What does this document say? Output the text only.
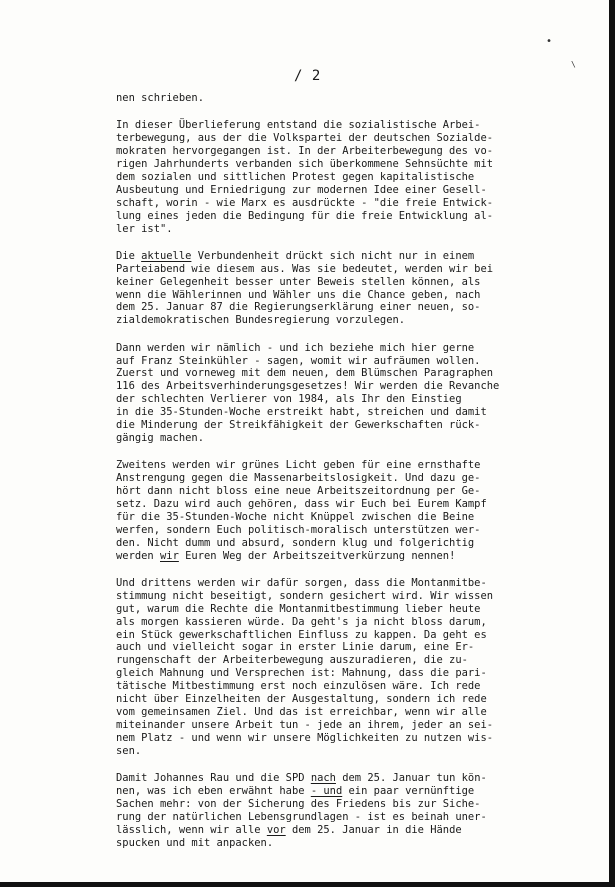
•
\
/ 2

nen schrieben.

In dieser Überlieferung entstand die sozialistische Arbei-
terbewegung, aus der die Volkspartei der deutschen Sozialde-
mokraten hervorgegangen ist. In der Arbeiterbewegung des vo-
rigen Jahrhunderts verbanden sich überkommene Sehnsüchte mit
dem sozialen und sittlichen Protest gegen kapitalistische
Ausbeutung und Erniedrigung zur modernen Idee einer Gesell-
schaft, worin - wie Marx es ausdrückte - "die freie Entwick-
lung eines jeden die Bedingung für die freie Entwicklung al-
ler ist".

Die aktuelle Verbundenheit drückt sich nicht nur in einem
Parteiabend wie diesem aus. Was sie bedeutet, werden wir bei
keiner Gelegenheit besser unter Beweis stellen können, als
wenn die Wählerinnen und Wähler uns die Chance geben, nach
dem 25. Januar 87 die Regierungserklärung einer neuen, so-
zialdemokratischen Bundesregierung vorzulegen.

Dann werden wir nämlich - und ich beziehe mich hier gerne
auf Franz Steinkühler - sagen, womit wir aufräumen wollen.
Zuerst und vorneweg mit dem neuen, dem Blümschen Paragraphen
116 des Arbeitsverhinderungsgesetzes! Wir werden die Revanche
der schlechten Verlierer von 1984, als Ihr den Einstieg
in die 35-Stunden-Woche erstreikt habt, streichen und damit
die Minderung der Streikfähigkeit der Gewerkschaften rück-
gängig machen.

Zweitens werden wir grünes Licht geben für eine ernsthafte
Anstrengung gegen die Massenarbeitslosigkeit. Und dazu ge-
hört dann nicht bloss eine neue Arbeitszeitordnung per Ge-
setz. Dazu wird auch gehören, dass wir Euch bei Eurem Kampf
für die 35-Stunden-Woche nicht Knüppel zwischen die Beine
werfen, sondern Euch politisch-moralisch unterstützen wer-
den. Nicht dumm und absurd, sondern klug und folgerichtig
werden wir Euren Weg der Arbeitszeitverkürzung nennen!

Und drittens werden wir dafür sorgen, dass die Montanmitbe-
stimmung nicht beseitigt, sondern gesichert wird. Wir wissen
gut, warum die Rechte die Montanmitbestimmung lieber heute
als morgen kassieren würde. Da geht's ja nicht bloss darum,
ein Stück gewerkschaftlichen Einfluss zu kappen. Da geht es
auch und vielleicht sogar in erster Linie darum, eine Er-
rungenschaft der Arbeiterbewegung auszuradieren, die zu-
gleich Mahnung und Versprechen ist: Mahnung, dass die pari-
tätische Mitbestimmung erst noch einzulösen wäre. Ich rede
nicht über Einzelheiten der Ausgestaltung, sondern ich rede
vom gemeinsamen Ziel. Und das ist erreichbar, wenn wir alle
miteinander unsere Arbeit tun - jede an ihrem, jeder an sei-
nem Platz - und wenn wir unsere Möglichkeiten zu nutzen wis-
sen.

Damit Johannes Rau und die SPD nach dem 25. Januar tun kön-
nen, was ich eben erwähnt habe - und ein paar vernünftige
Sachen mehr: von der Sicherung des Friedens bis zur Siche-
rung der natürlichen Lebensgrundlagen - ist es beinah uner-
lässlich, wenn wir alle vor dem 25. Januar in die Hände
spucken und mit anpacken.
